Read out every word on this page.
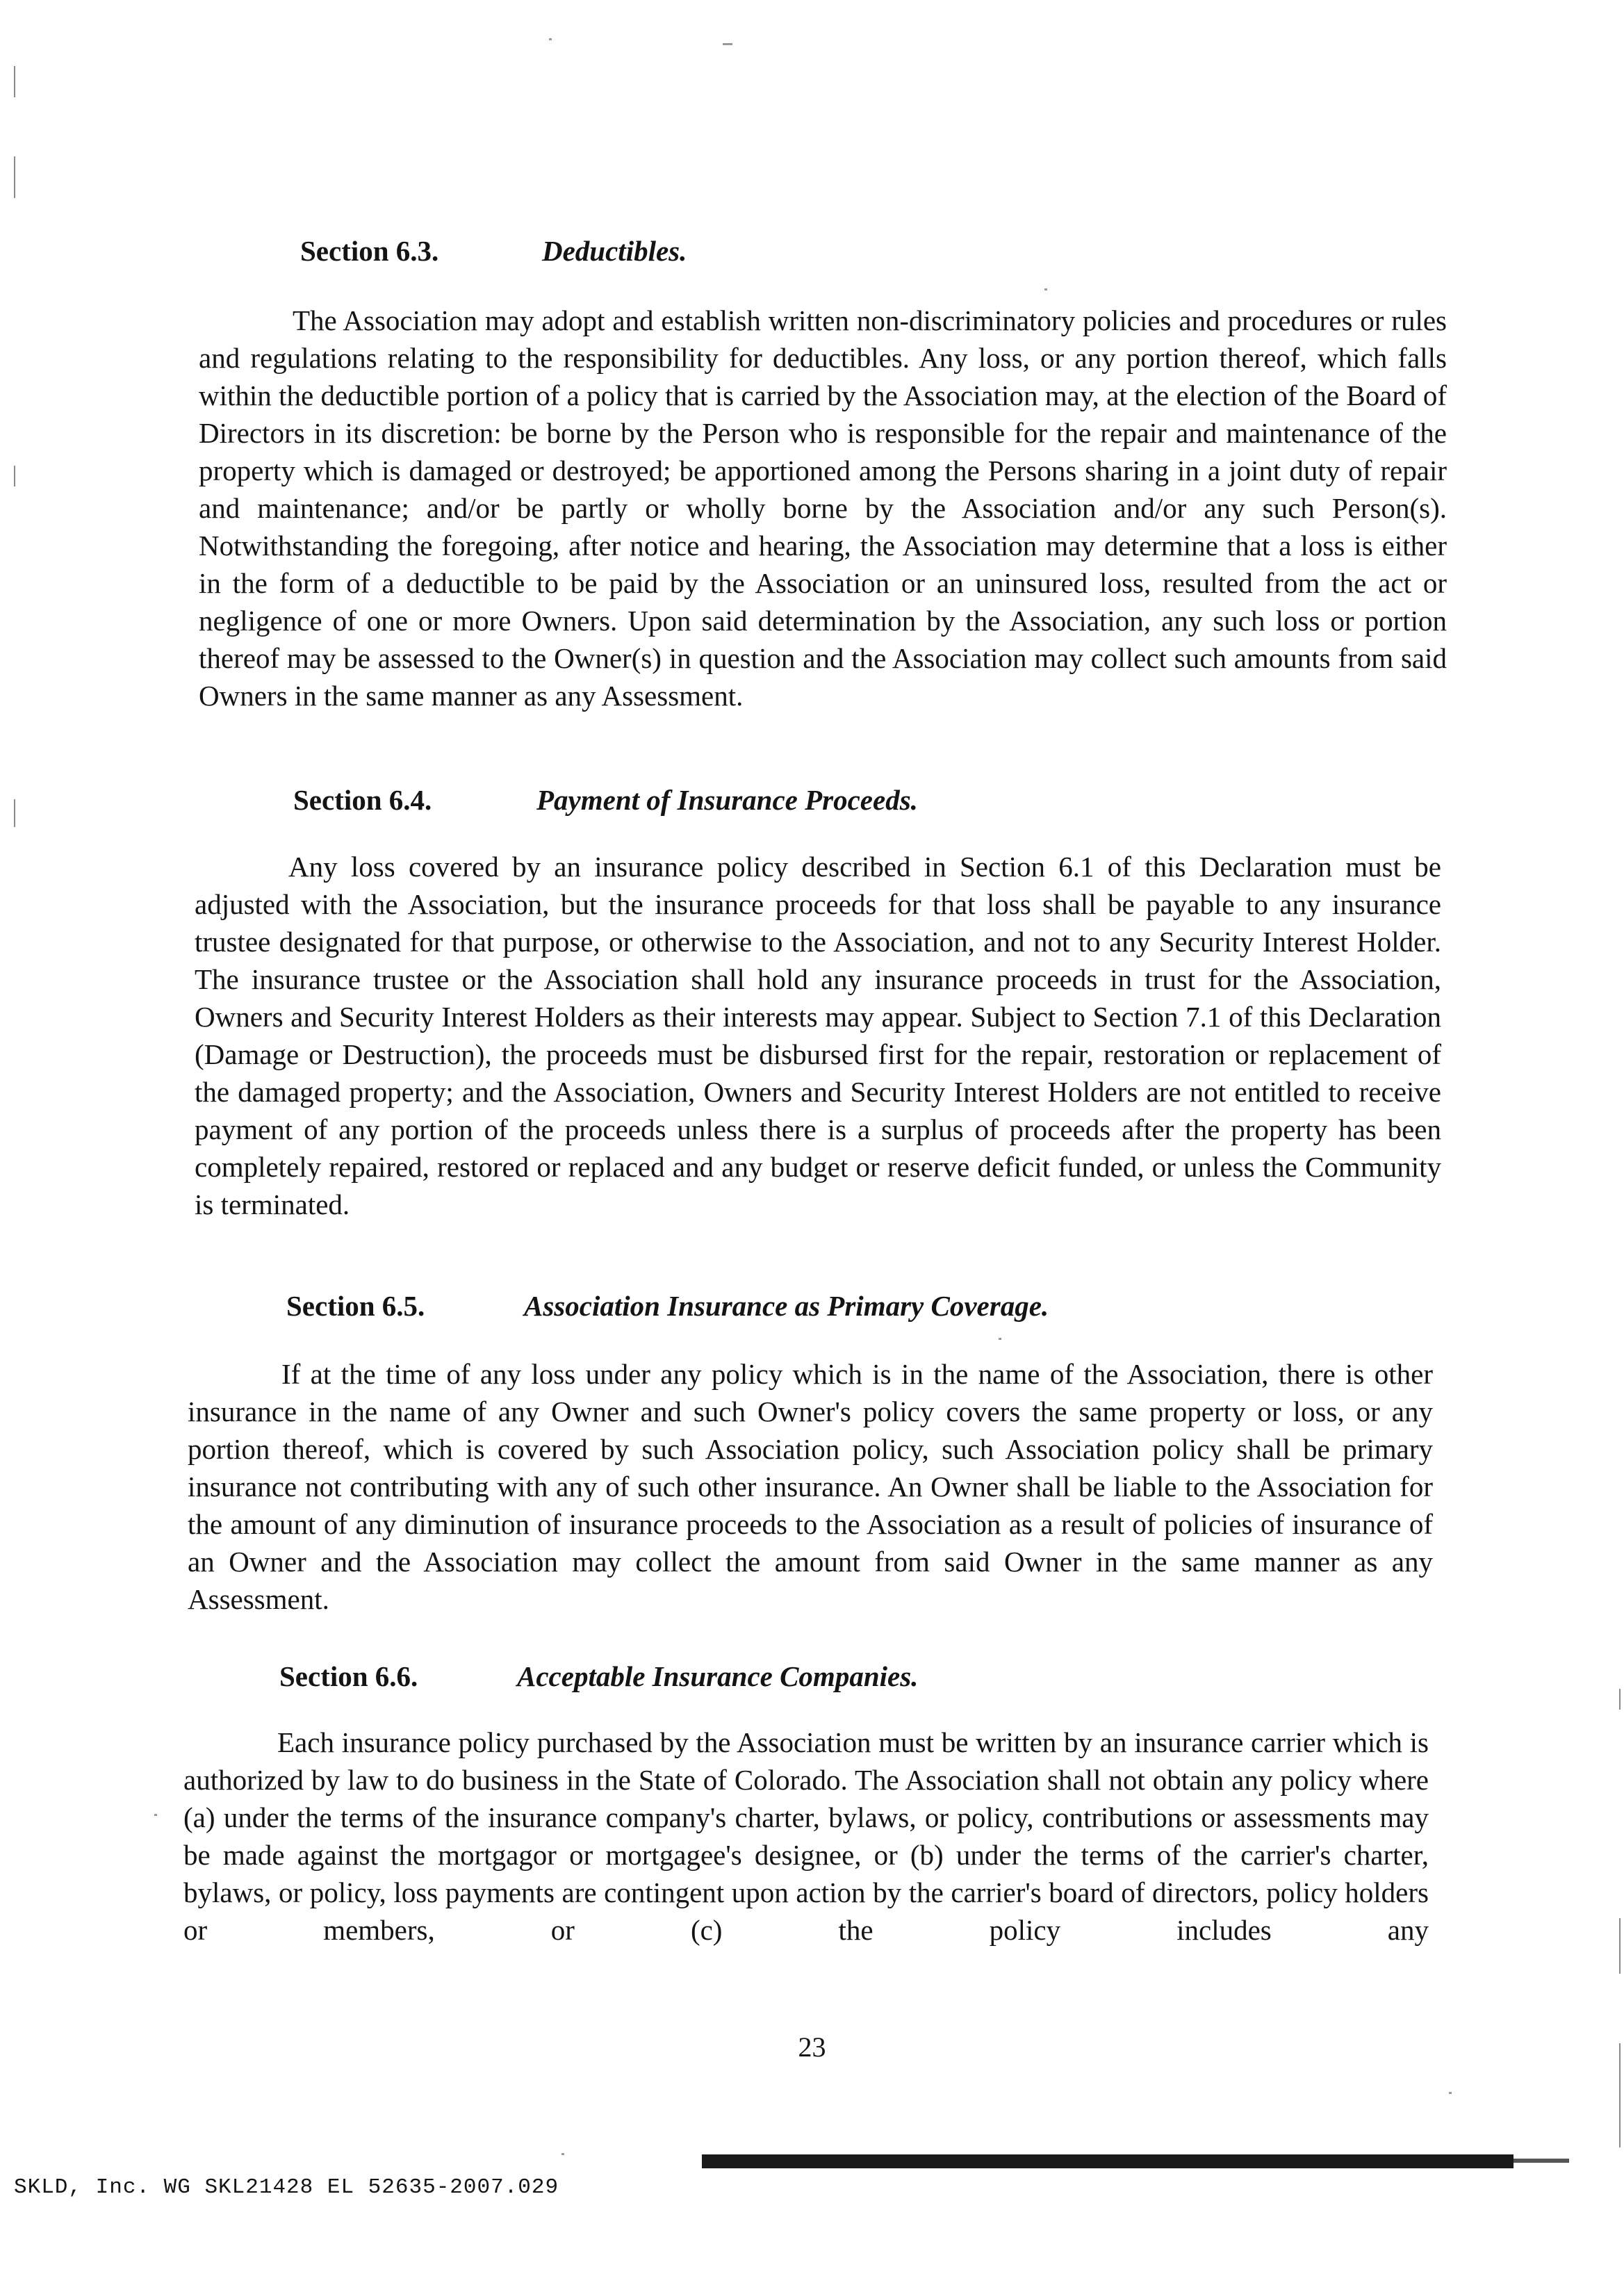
Section 6.3.	Deductibles.

The Association may adopt and establish written non-discriminatory policies and procedures or rules and regulations relating to the responsibility for deductibles. Any loss, or any portion thereof, which falls within the deductible portion of a policy that is carried by the Association may, at the election of the Board of Directors in its discretion: be borne by the Person who is responsible for the repair and maintenance of the property which is damaged or destroyed; be apportioned among the Persons sharing in a joint duty of repair and maintenance; and/or be partly or wholly borne by the Association and/or any such Person(s). Notwithstanding the foregoing, after notice and hearing, the Association may determine that a loss is either in the form of a deductible to be paid by the Association or an uninsured loss, resulted from the act or negligence of one or more Owners. Upon said determination by the Association, any such loss or portion thereof may be assessed to the Owner(s) in question and the Association may collect such amounts from said Owners in the same manner as any Assessment.

Section 6.4.	Payment of Insurance Proceeds.

Any loss covered by an insurance policy described in Section 6.1 of this Declaration must be adjusted with the Association, but the insurance proceeds for that loss shall be payable to any insurance trustee designated for that purpose, or otherwise to the Association, and not to any Security Interest Holder. The insurance trustee or the Association shall hold any insurance proceeds in trust for the Association, Owners and Security Interest Holders as their interests may appear. Subject to Section 7.1 of this Declaration (Damage or Destruction), the proceeds must be disbursed first for the repair, restoration or replacement of the damaged property; and the Association, Owners and Security Interest Holders are not entitled to receive payment of any portion of the proceeds unless there is a surplus of proceeds after the property has been completely repaired, restored or replaced and any budget or reserve deficit funded, or unless the Community is terminated.

Section 6.5.	Association Insurance as Primary Coverage.

If at the time of any loss under any policy which is in the name of the Association, there is other insurance in the name of any Owner and such Owner's policy covers the same property or loss, or any portion thereof, which is covered by such Association policy, such Association policy shall be primary insurance not contributing with any of such other insurance. An Owner shall be liable to the Association for the amount of any diminution of insurance proceeds to the Association as a result of policies of insurance of an Owner and the Association may collect the amount from said Owner in the same manner as any Assessment.

Section 6.6.	Acceptable Insurance Companies.

Each insurance policy purchased by the Association must be written by an insurance carrier which is authorized by law to do business in the State of Colorado. The Association shall not obtain any policy where (a) under the terms of the insurance company's charter, bylaws, or policy, contributions or assessments may be made against the mortgagor or mortgagee's designee, or (b) under the terms of the carrier's charter, bylaws, or policy, loss payments are contingent upon action by the carrier's board of directors, policy holders or members, or (c) the policy includes any

23
SKLD, Inc. WG SKL21428 EL 52635-2007.029
